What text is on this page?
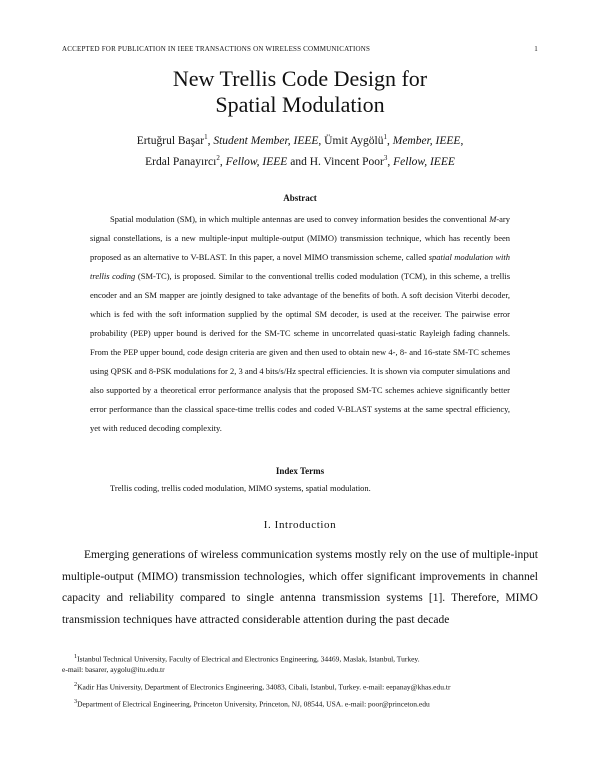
ACCEPTED FOR PUBLICATION IN IEEE TRANSACTIONS ON WIRELESS COMMUNICATIONS	1
New Trellis Code Design for
Spatial Modulation
Ertuğrul Başar$^1$, Student Member, IEEE, Ümit Aygölü$^1$, Member, IEEE,
Erdal Panayırcı$^2$, Fellow, IEEE and H. Vincent Poor$^3$, Fellow, IEEE
Abstract
Spatial modulation (SM), in which multiple antennas are used to convey information besides the conventional M-ary signal constellations, is a new multiple-input multiple-output (MIMO) transmission technique, which has recently been proposed as an alternative to V-BLAST. In this paper, a novel MIMO transmission scheme, called spatial modulation with trellis coding (SM-TC), is proposed. Similar to the conventional trellis coded modulation (TCM), in this scheme, a trellis encoder and an SM mapper are jointly designed to take advantage of the benefits of both. A soft decision Viterbi decoder, which is fed with the soft information supplied by the optimal SM decoder, is used at the receiver. The pairwise error probability (PEP) upper bound is derived for the SM-TC scheme in uncorrelated quasi-static Rayleigh fading channels. From the PEP upper bound, code design criteria are given and then used to obtain new 4-, 8- and 16-state SM-TC schemes using QPSK and 8-PSK modulations for 2, 3 and 4 bits/s/Hz spectral efficiencies. It is shown via computer simulations and also supported by a theoretical error performance analysis that the proposed SM-TC schemes achieve significantly better error performance than the classical space-time trellis codes and coded V-BLAST systems at the same spectral efficiency, yet with reduced decoding complexity.
Index Terms
Trellis coding, trellis coded modulation, MIMO systems, spatial modulation.
I. Introduction
Emerging generations of wireless communication systems mostly rely on the use of multiple-input multiple-output (MIMO) transmission technologies, which offer significant improvements in channel capacity and reliability compared to single antenna transmission systems [1]. Therefore, MIMO transmission techniques have attracted considerable attention during the past decade
$^1$Istanbul Technical University, Faculty of Electrical and Electronics Engineering, 34469, Maslak, Istanbul, Turkey.
e-mail: basarer, aygolu@itu.edu.tr
$^2$Kadir Has University, Department of Electronics Engineering, 34083, Cibali, Istanbul, Turkey. e-mail: eepanay@khas.edu.tr
$^3$Department of Electrical Engineering, Princeton University, Princeton, NJ, 08544, USA. e-mail: poor@princeton.edu
